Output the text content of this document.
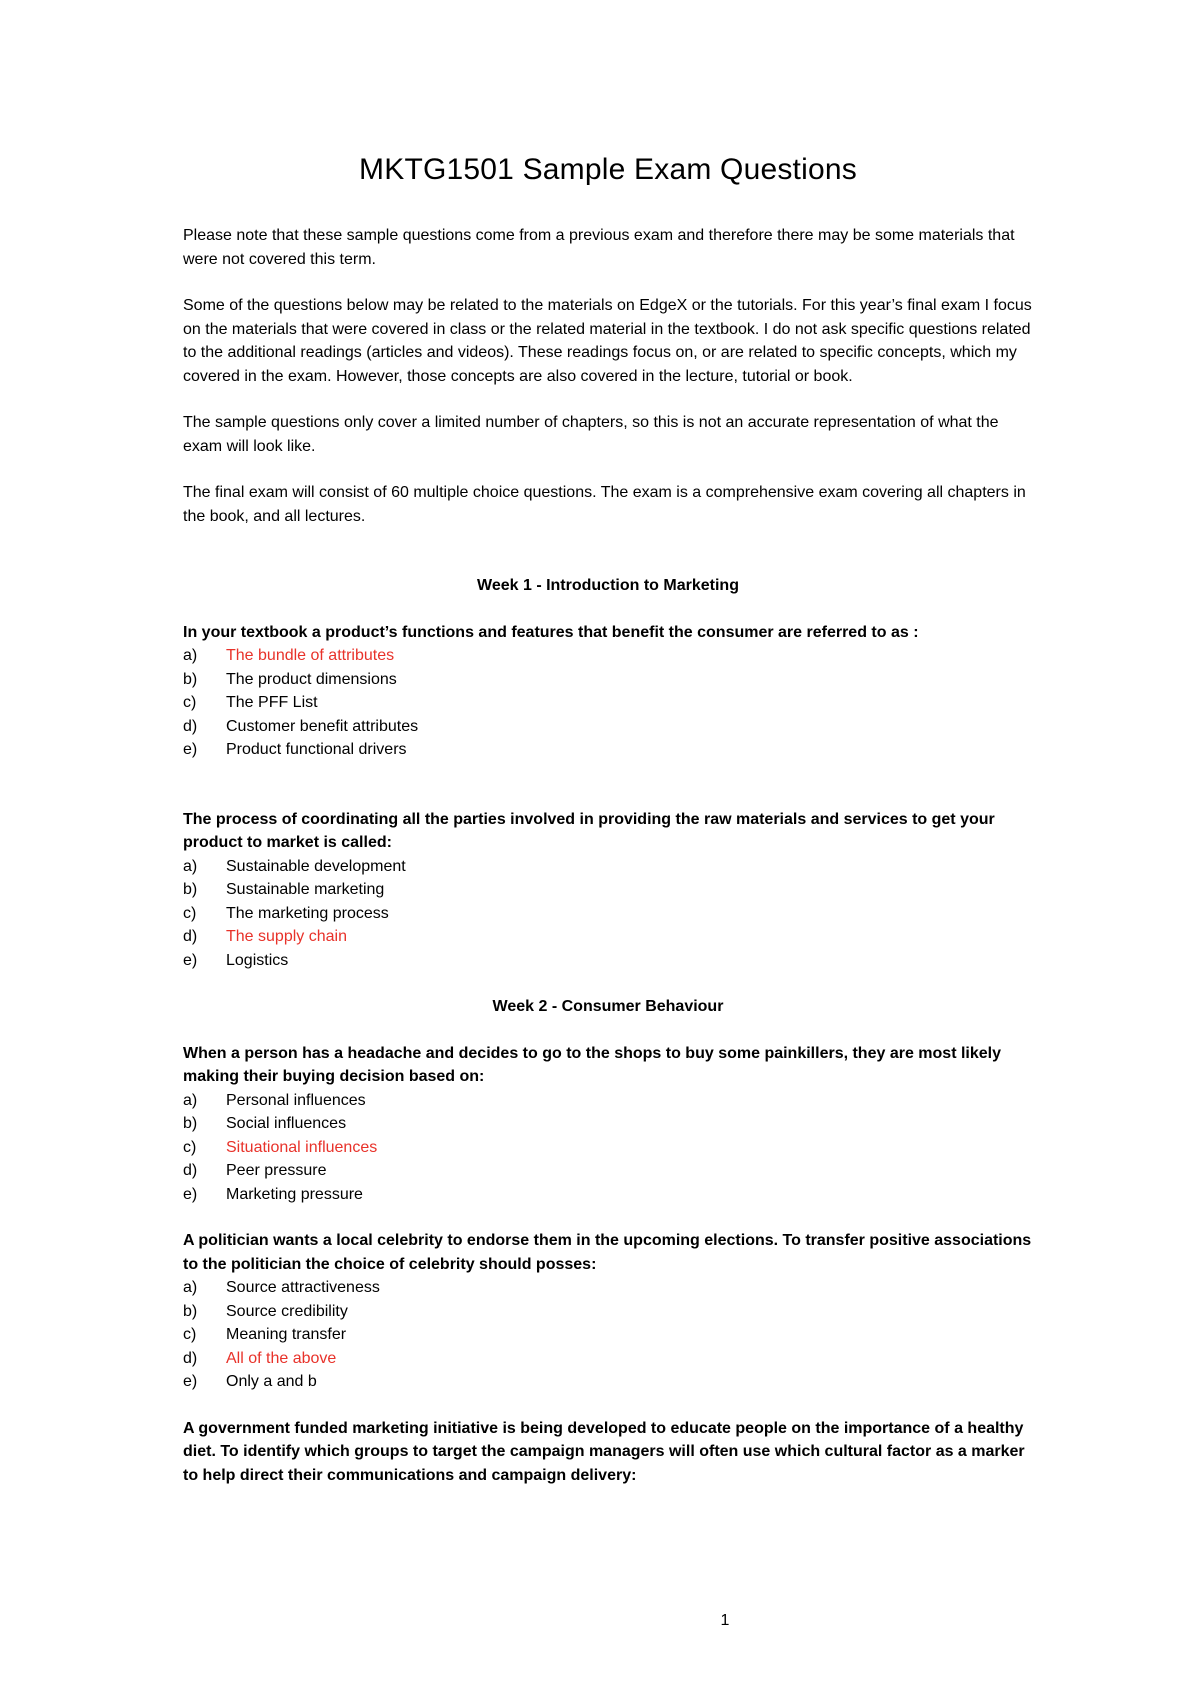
MKTG1501 Sample Exam Questions

Please note that these sample questions come from a previous exam and therefore there may be some materials that were not covered this term.

Some of the questions below may be related to the materials on EdgeX or the tutorials. For this year’s final exam I focus on the materials that were covered in class or the related material in the textbook. I do not ask specific questions related to the additional readings (articles and videos). These readings focus on, or are related to specific concepts, which my covered in the exam. However, those concepts are also covered in the lecture, tutorial or book.

The sample questions only cover a limited number of chapters, so this is not an accurate representation of what the exam will look like.

The final exam will consist of 60 multiple choice questions. The exam is a comprehensive exam covering all chapters in the book, and all lectures.

Week 1 - Introduction to Marketing

In your textbook a product’s functions and features that benefit the consumer are referred to as :

a)	The bundle of attributes
b)	The product dimensions
c)	The PFF List
d)	Customer benefit attributes
e)	Product functional drivers

The process of coordinating all the parties involved in providing the raw materials and services to get your product to market is called:

a)	Sustainable development
b)	Sustainable marketing
c)	The marketing process
d)	The supply chain
e)	Logistics
Week 2 - Consumer Behaviour

When a person has a headache and decides to go to the shops to buy some painkillers, they are most likely making their buying decision based on:

a)	Personal influences
b)	Social influences
c)	Situational influences
d)	Peer pressure
e)	Marketing pressure

A politician wants a local celebrity to endorse them in the upcoming elections. To transfer positive associations to the politician the choice of celebrity should posses:

a)	Source attractiveness
b)	Source credibility
c)	Meaning transfer
d)	All of the above
e)	Only a and b

A government funded marketing initiative is being developed to educate people on the importance of a healthy diet. To identify which groups to target the campaign managers will often use which cultural factor as a marker to help direct their communications and campaign delivery:

1
